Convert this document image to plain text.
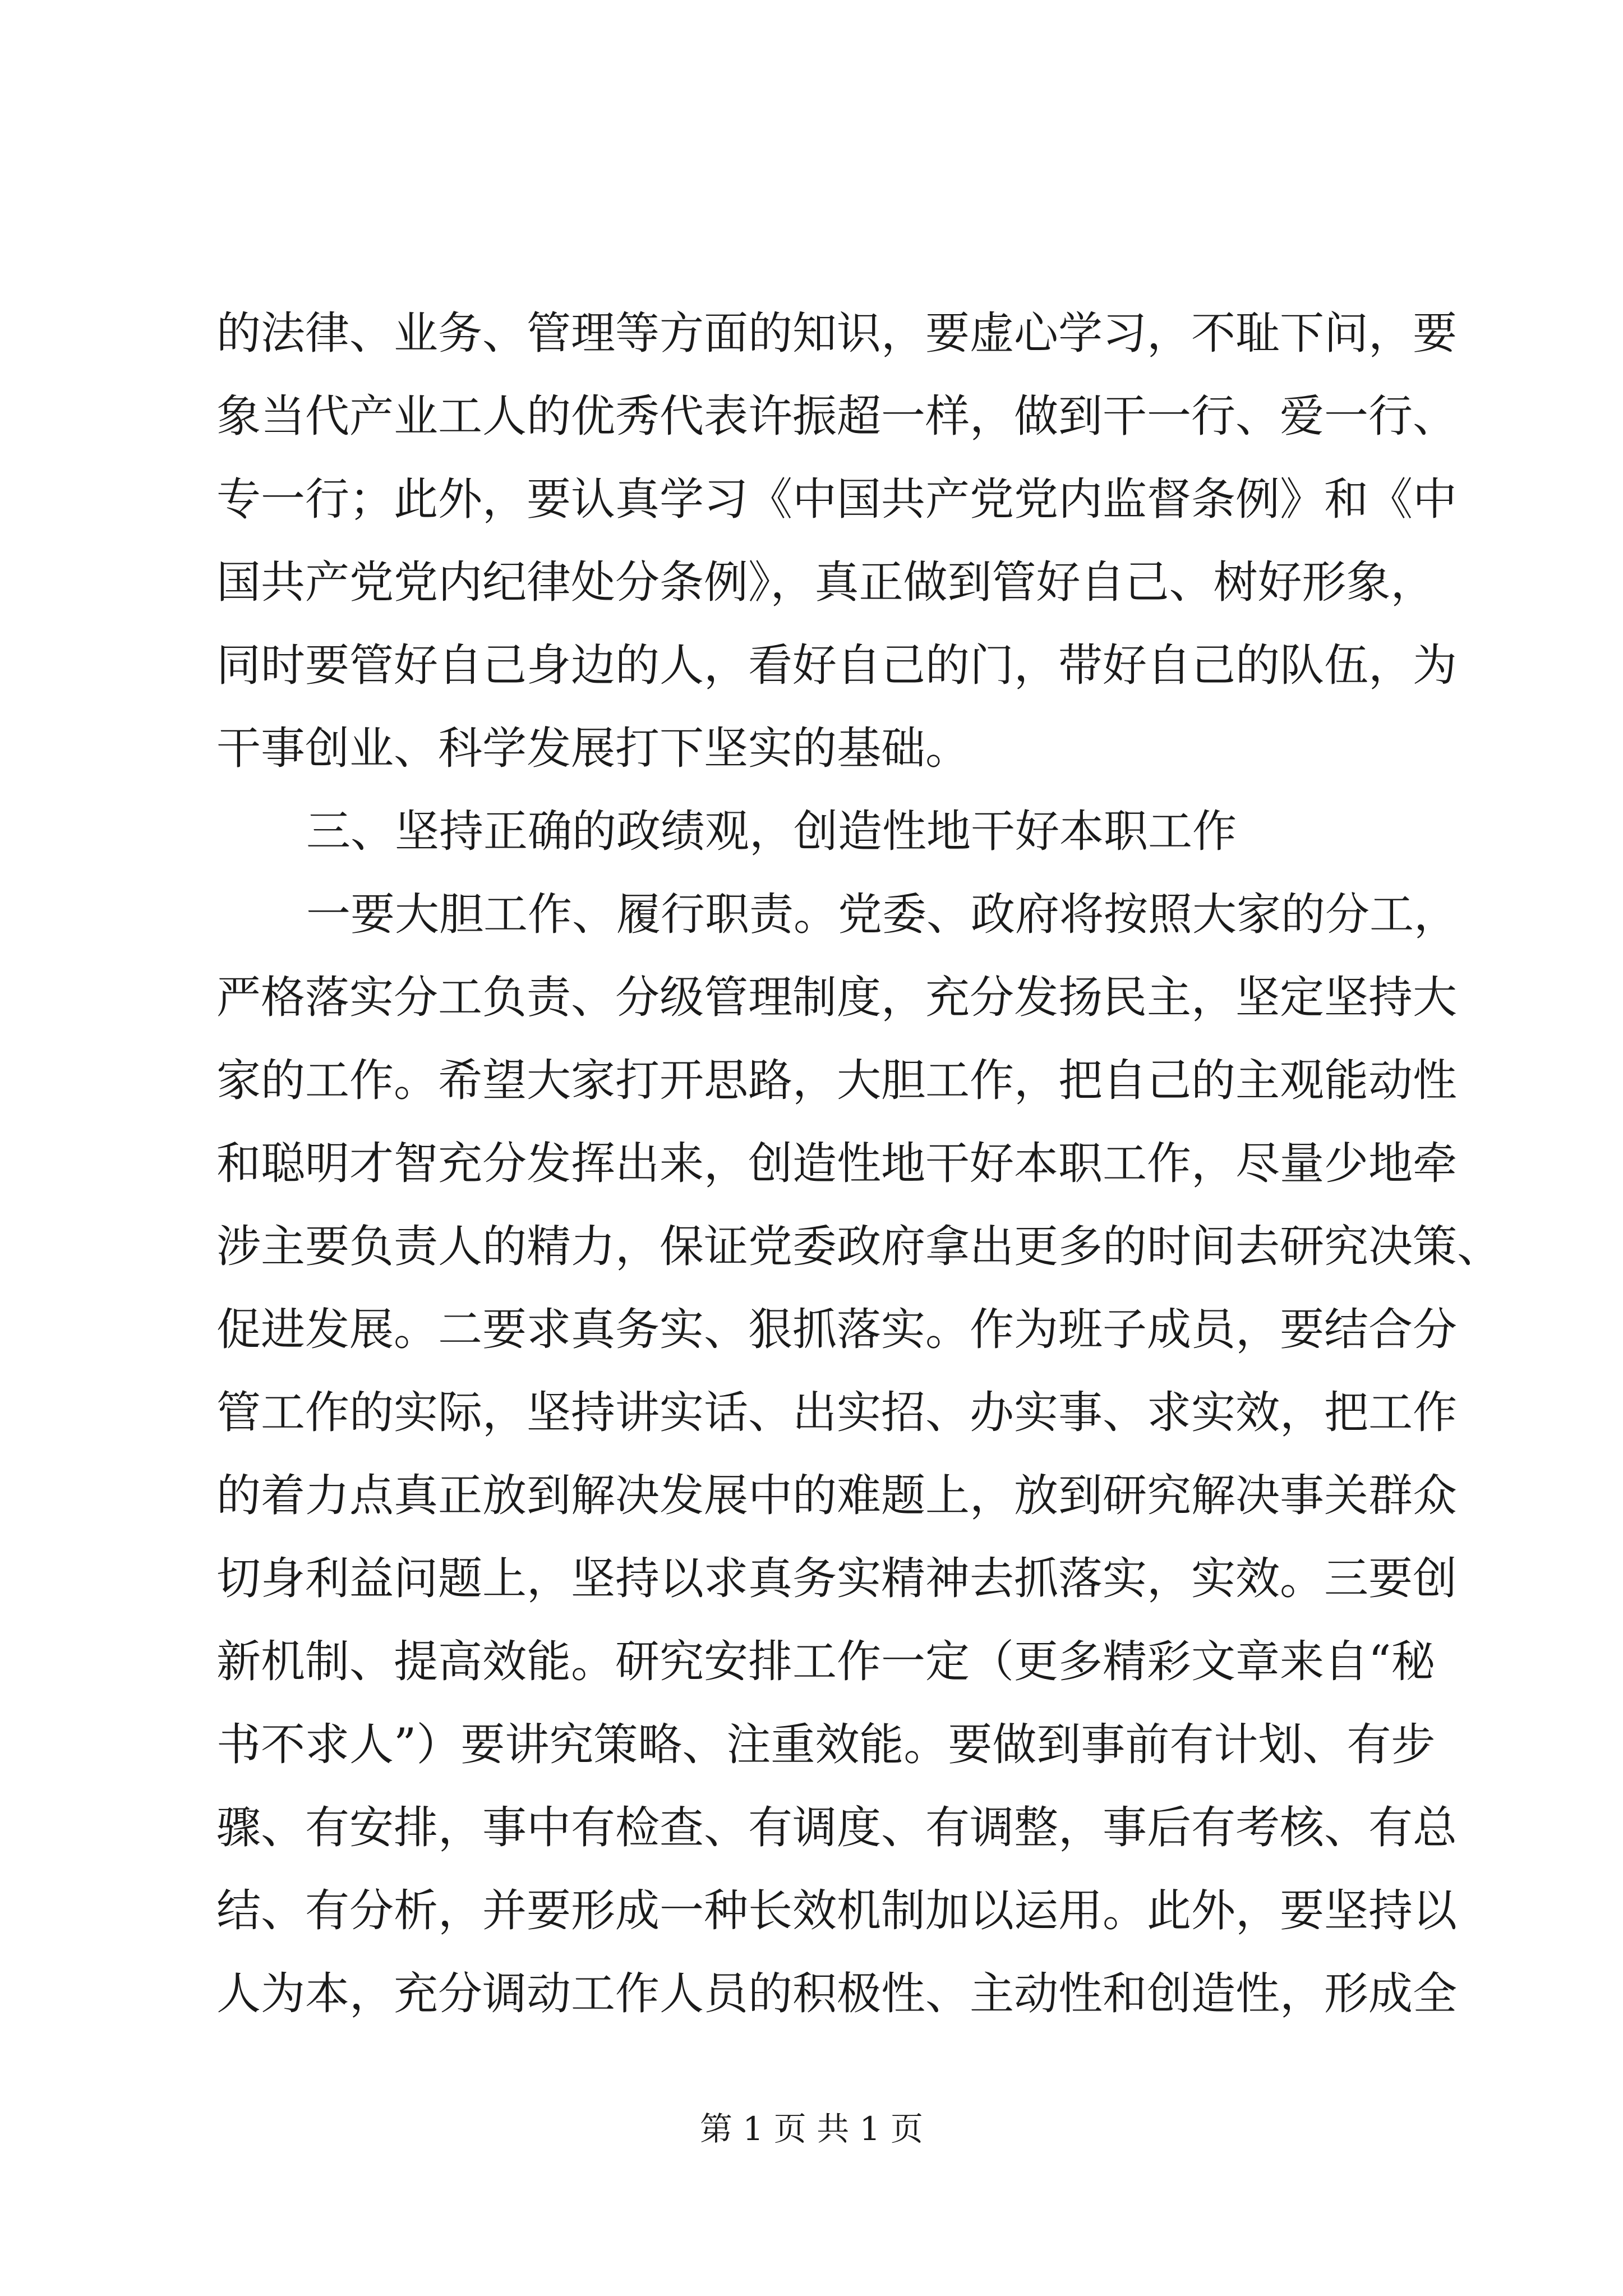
的法律、业务、管理等方面的知识，要虚心学习，不耻下问，要
象当代产业工人的优秀代表许振超一样，做到干一行、爱一行、
专一行；此外，要认真学习《中国共产党党内监督条例》和《中
国共产党党内纪律处分条例》，真正做到管好自己、树好形象，
同时要管好自己身边的人，看好自己的门，带好自己的队伍，为
干事创业、科学发展打下坚实的基础。
三、坚持正确的政绩观，创造性地干好本职工作
一要大胆工作、履行职责。党委、政府将按照大家的分工，
严格落实分工负责、分级管理制度，充分发扬民主，坚定坚持大
家的工作。希望大家打开思路，大胆工作，把自己的主观能动性
和聪明才智充分发挥出来，创造性地干好本职工作，尽量少地牵
涉主要负责人的精力，保证党委政府拿出更多的时间去研究决策、
促进发展。二要求真务实、狠抓落实。作为班子成员，要结合分
管工作的实际，坚持讲实话、出实招、办实事、求实效，把工作
的着力点真正放到解决发展中的难题上，放到研究解决事关群众
切身利益问题上，坚持以求真务实精神去抓落实，实效。三要创
新机制、提高效能。研究安排工作一定（更多精彩文章来自“秘
书不求人”）要讲究策略、注重效能。要做到事前有计划、有步
骤、有安排，事中有检查、有调度、有调整，事后有考核、有总
结、有分析，并要形成一种长效机制加以运用。此外，要坚持以
人为本，充分调动工作人员的积极性、主动性和创造性，形成全
第 1 页 共 1 页
